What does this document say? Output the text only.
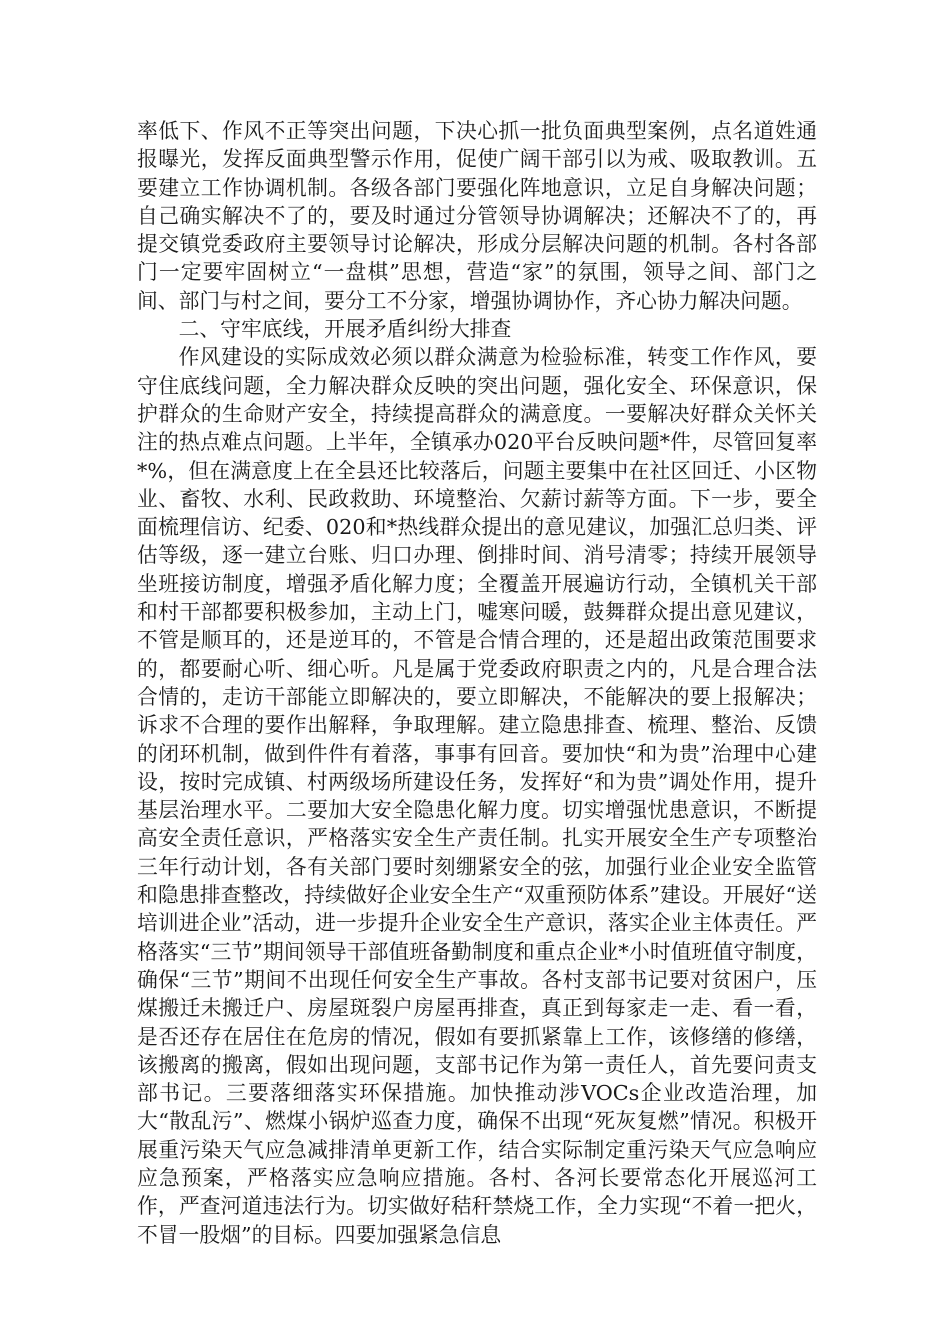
率低下、作风不正等突出问题，下决心抓一批负面典型案例，点名道姓通报曝光，发挥反面典型警示作用，促使广阔干部引以为戒、吸取教训。五要建立工作协调机制。各级各部门要强化阵地意识，立足自身解决问题；自己确实解决不了的，要及时通过分管领导协调解决；还解决不了的，再提交镇党委政府主要领导讨论解决，形成分层解决问题的机制。各村各部门一定要牢固树立“一盘棋”思想，营造“家”的氛围，领导之间、部门之间、部门与村之间，要分工不分家，增强协调协作，齐心协力解决问题。

二、守牢底线，开展矛盾纠纷大排查

作风建设的实际成效必须以群众满意为检验标准，转变工作作风，要守住底线问题，全力解决群众反映的突出问题，强化安全、环保意识，保护群众的生命财产安全，持续提高群众的满意度。一要解决好群众关怀关注的热点难点问题。上半年，全镇承办020平台反映问题*件，尽管回复率*%，但在满意度上在全县还比较落后，问题主要集中在社区回迁、小区物业、畜牧、水利、民政救助、环境整治、欠薪讨薪等方面。下一步，要全面梳理信访、纪委、020和*热线群众提出的意见建议，加强汇总归类、评估等级，逐一建立台账、归口办理、倒排时间、消号清零；持续开展领导坐班接访制度，增强矛盾化解力度；全覆盖开展遍访行动，全镇机关干部和村干部都要积极参加，主动上门，嘘寒问暖，鼓舞群众提出意见建议，不管是顺耳的，还是逆耳的，不管是合情合理的，还是超出政策范围要求的，都要耐心听、细心听。凡是属于党委政府职责之内的，凡是合理合法合情的，走访干部能立即解决的，要立即解决，不能解决的要上报解决；诉求不合理的要作出解释，争取理解。建立隐患排查、梳理、整治、反馈的闭环机制，做到件件有着落，事事有回音。要加快“和为贵”治理中心建设，按时完成镇、村两级场所建设任务，发挥好“和为贵”调处作用，提升基层治理水平。二要加大安全隐患化解力度。切实增强忧患意识，不断提高安全责任意识，严格落实安全生产责任制。扎实开展安全生产专项整治三年行动计划，各有关部门要时刻绷紧安全的弦，加强行业企业安全监管和隐患排查整改，持续做好企业安全生产“双重预防体系”建设。开展好“送培训进企业”活动，进一步提升企业安全生产意识，落实企业主体责任。严格落实“三节”期间领导干部值班备勤制度和重点企业*小时值班值守制度，确保“三节”期间不出现任何安全生产事故。各村支部书记要对贫困户，压煤搬迁未搬迁户、房屋斑裂户房屋再排查，真正到每家走一走、看一看，是否还存在居住在危房的情况，假如有要抓紧靠上工作，该修缮的修缮，该搬离的搬离，假如出现问题，支部书记作为第一责任人，首先要问责支部书记。三要落细落实环保措施。加快推动涉VOCs企业改造治理，加大“散乱污”、燃煤小锅炉巡查力度，确保不出现“死灰复燃”情况。积极开展重污染天气应急减排清单更新工作，结合实际制定重污染天气应急响应应急预案，严格落实应急响应措施。各村、各河长要常态化开展巡河工作，严查河道违法行为。切实做好秸秆禁烧工作，全力实现“不着一把火，不冒一股烟”的目标。四要加强紧急信息
